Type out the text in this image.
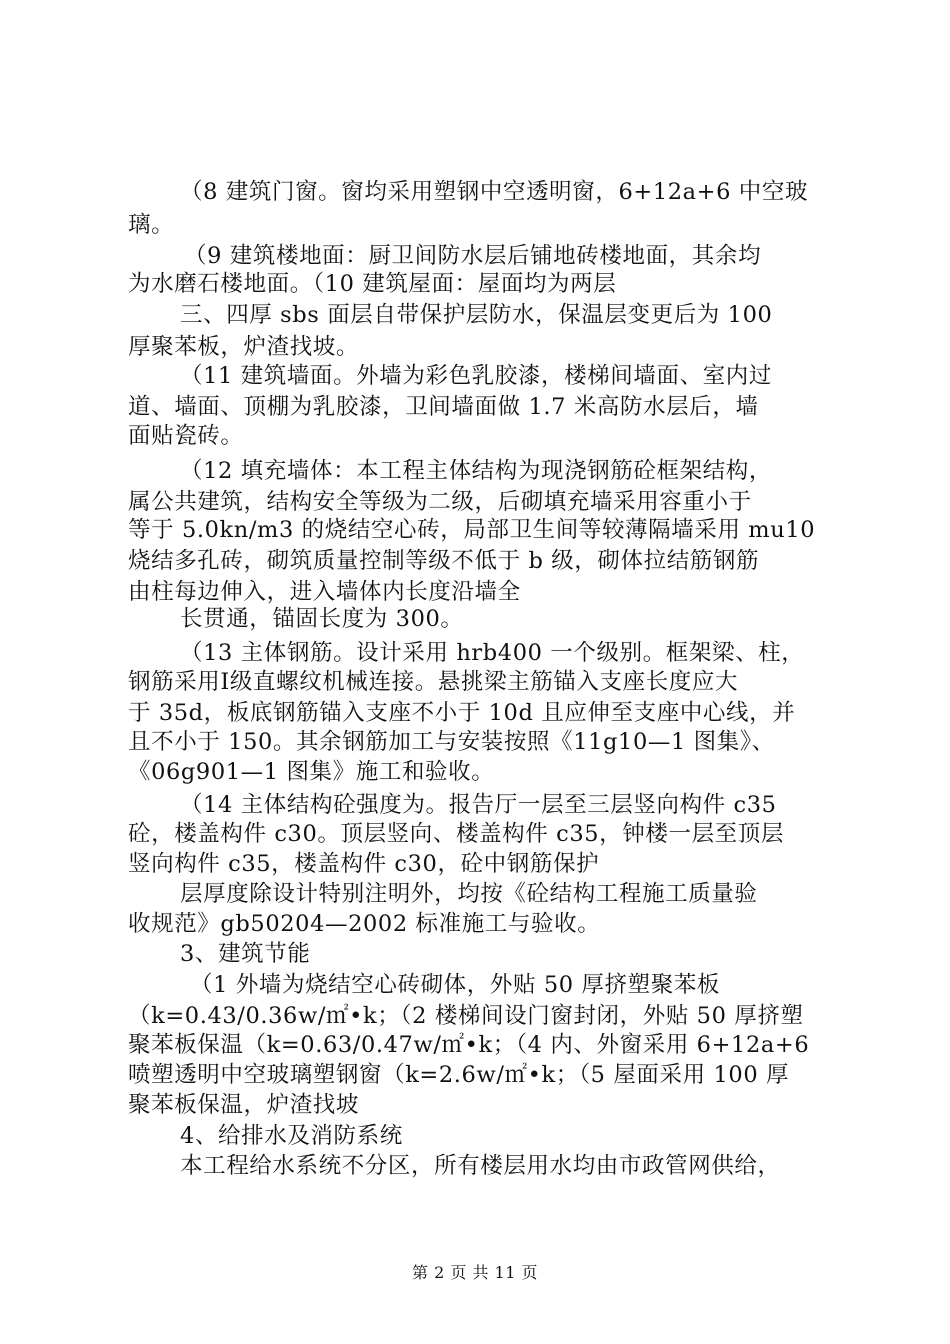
（8 建筑门窗。窗均采用塑钢中空透明窗，6+12a+6 中空玻
璃。
（9 建筑楼地面：厨卫间防水层后铺地砖楼地面，其余均
为水磨石楼地面。（10 建筑屋面：屋面均为两层
三、四厚 sbs 面层自带保护层防水，保温层变更后为 100
厚聚苯板，炉渣找坡。
（11 建筑墙面。外墙为彩色乳胶漆，楼梯间墙面、室内过
道、墙面、顶棚为乳胶漆，卫间墙面做 1.7 米高防水层后，墙
面贴瓷砖。
（12 填充墙体：本工程主体结构为现浇钢筋砼框架结构，
属公共建筑，结构安全等级为二级，后砌填充墙采用容重小于
等于 5.0kn/m3 的烧结空心砖，局部卫生间等较薄隔墙采用 mu10
烧结多孔砖，砌筑质量控制等级不低于 b 级，砌体拉结筋钢筋
由柱每边伸入，进入墙体内长度沿墙全
长贯通，锚固长度为 300。
（13 主体钢筋。设计采用 hrb400 一个级别。框架梁、柱，
钢筋采用Ⅰ级直螺纹机械连接。悬挑梁主筋锚入支座长度应大
于 35d，板底钢筋锚入支座不小于 10d 且应伸至支座中心线，并
且不小于 150。其余钢筋加工与安装按照《11g10—1 图集》、
《06g901—1 图集》施工和验收。
（14 主体结构砼强度为。报告厅一层至三层竖向构件 c35
砼，楼盖构件 c30。顶层竖向、楼盖构件 c35，钟楼一层至顶层
竖向构件 c35，楼盖构件 c30，砼中钢筋保护
层厚度除设计特别注明外，均按《砼结构工程施工质量验
收规范》gb50204—2002 标准施工与验收。
3、建筑节能
（1 外墙为烧结空心砖砌体，外贴 50 厚挤塑聚苯板
（k=0.43/0.36w/㎡•k；（2 楼梯间设门窗封闭，外贴 50 厚挤塑
聚苯板保温（k=0.63/0.47w/㎡•k；（4 内、外窗采用 6+12a+6
喷塑透明中空玻璃塑钢窗（k=2.6w/㎡•k；（5 屋面采用 100 厚
聚苯板保温，炉渣找坡
4、给排水及消防系统
本工程给水系统不分区，所有楼层用水均由市政管网供给，
第 2 页 共 11 页
